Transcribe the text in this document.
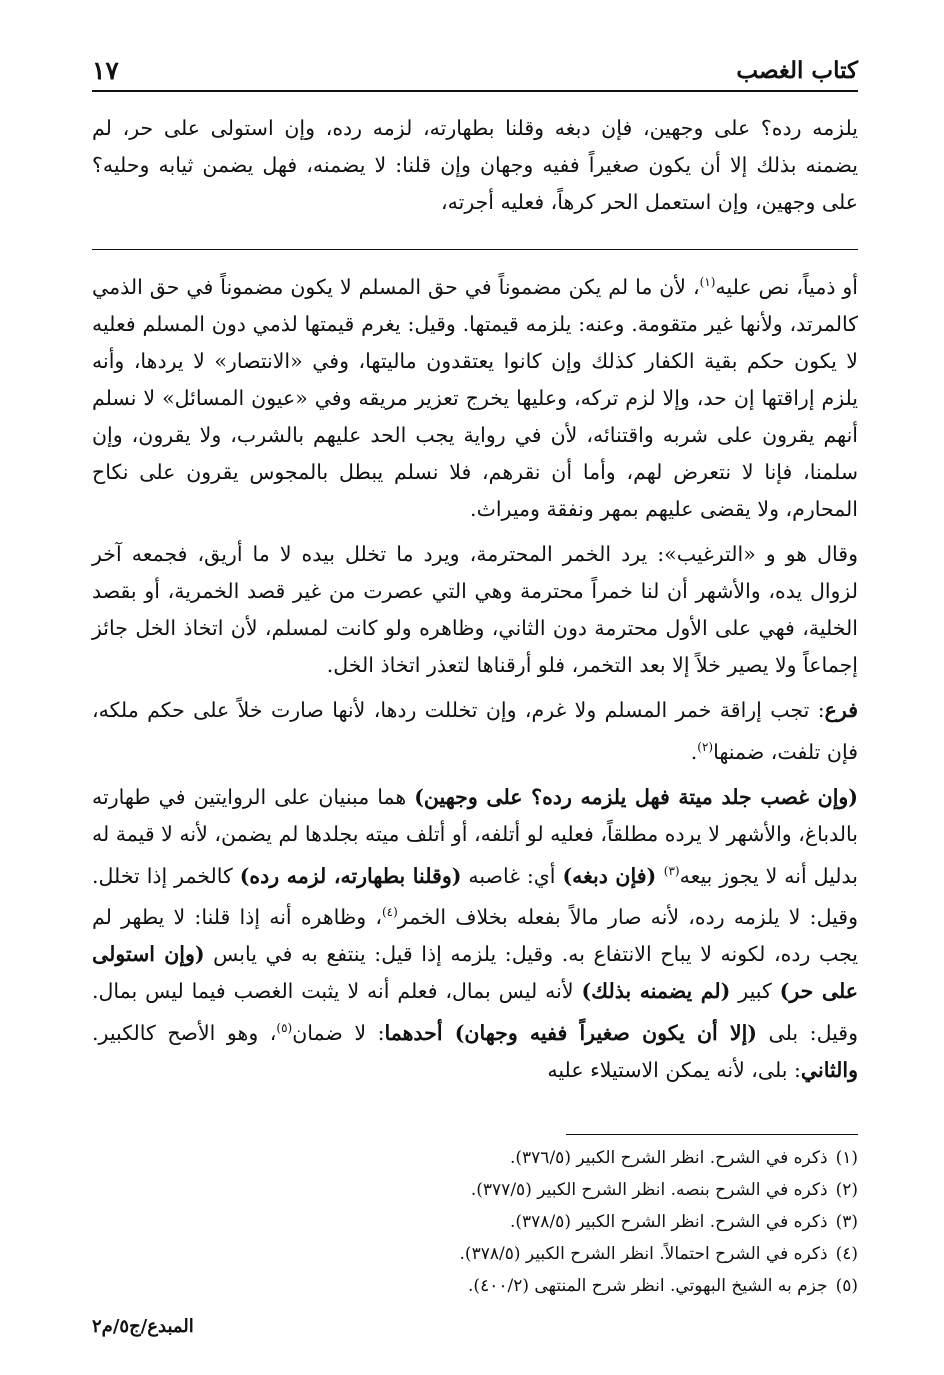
كتاب الغصب
١٧
يلزمه رده؟ على وجهين، فإن دبغه وقلنا بطهارته، لزمه رده، وإن استولى على حر، لم يضمنه بذلك إلا أن يكون صغيراً ففيه وجهان وإن قلنا: لا يضمنه، فهل يضمن ثيابه وحليه؟ على وجهين، وإن استعمل الحر كرهاً، فعليه أجرته،

أو ذمياً، نص عليه$^{(١)}$، لأن ما لم يكن مضموناً في حق المسلم لا يكون مضموناً في حق الذمي كالمرتد، ولأنها غير متقومة. وعنه: يلزمه قيمتها. وقيل: يغرم قيمتها لذمي دون المسلم فعليه لا يكون حكم بقية الكفار كذلك وإن كانوا يعتقدون ماليتها، وفي «الانتصار» لا يردها، وأنه يلزم إراقتها إن حد، وإلا لزم تركه، وعليها يخرج تعزير مريقه وفي «عيون المسائل» لا نسلم أنهم يقرون على شربه واقتنائه، لأن في رواية يجب الحد عليهم بالشرب، ولا يقرون، وإن سلمنا، فإنا لا نتعرض لهم، وأما أن نقرهم، فلا نسلم يبطل بالمجوس يقرون على نكاح المحارم، ولا يقضى عليهم بمهر ونفقة وميراث.

وقال هو و «الترغيب»: يرد الخمر المحترمة، ويرد ما تخلل بيده لا ما أريق، فجمعه آخر لزوال يده، والأشهر أن لنا خمراً محترمة وهي التي عصرت من غير قصد الخمرية، أو بقصد الخلية، فهي على الأول محترمة دون الثاني، وظاهره ولو كانت لمسلم، لأن اتخاذ الخل جائز إجماعاً ولا يصير خلاً إلا بعد التخمر، فلو أرقناها لتعذر اتخاذ الخل.

فرع: تجب إراقة خمر المسلم ولا غرم، وإن تخللت ردها، لأنها صارت خلاً على حكم ملكه، فإن تلفت، ضمنها$^{(٢)}$.

(وإن غصب جلد ميتة فهل يلزمه رده؟ على وجهين) هما مبنيان على الروايتين في طهارته بالدباغ، والأشهر لا يرده مطلقاً، فعليه لو أتلفه، أو أتلف ميته بجلدها لم يضمن، لأنه لا قيمة له بدليل أنه لا يجوز بيعه$^{(٣)}$ (فإن دبغه) أي: غاصبه (وقلنا بطهارته، لزمه رده) كالخمر إذا تخلل. وقيل: لا يلزمه رده، لأنه صار مالاً بفعله بخلاف الخمر$^{(٤)}$، وظاهره أنه إذا قلنا: لا يطهر لم يجب رده، لكونه لا يباح الانتفاع به. وقيل: يلزمه إذا قيل: ينتفع به في يابس (وإن استولى على حر) كبير (لم يضمنه بذلك) لأنه ليس بمال، فعلم أنه لا يثبت الغصب فيما ليس بمال. وقيل: بلى (إلا أن يكون صغيراً ففيه وجهان) أحدهما: لا ضمان$^{(٥)}$، وهو الأصح كالكبير. والثاني: بلى، لأنه يمكن الاستيلاء عليه

(١)ذكره في الشرح. انظر الشرح الكبير (٣٧٦/٥).
(٢)ذكره في الشرح بنصه. انظر الشرح الكبير (٣٧٧/٥).
(٣)ذكره في الشرح. انظر الشرح الكبير (٣٧٨/٥).
(٤)ذكره في الشرح احتمالاً. انظر الشرح الكبير (٣٧٨/٥).
(٥)جزم به الشيخ البهوتي. انظر شرح المنتهى (٤٠٠/٢).
المبدع/ج٥/م٢
